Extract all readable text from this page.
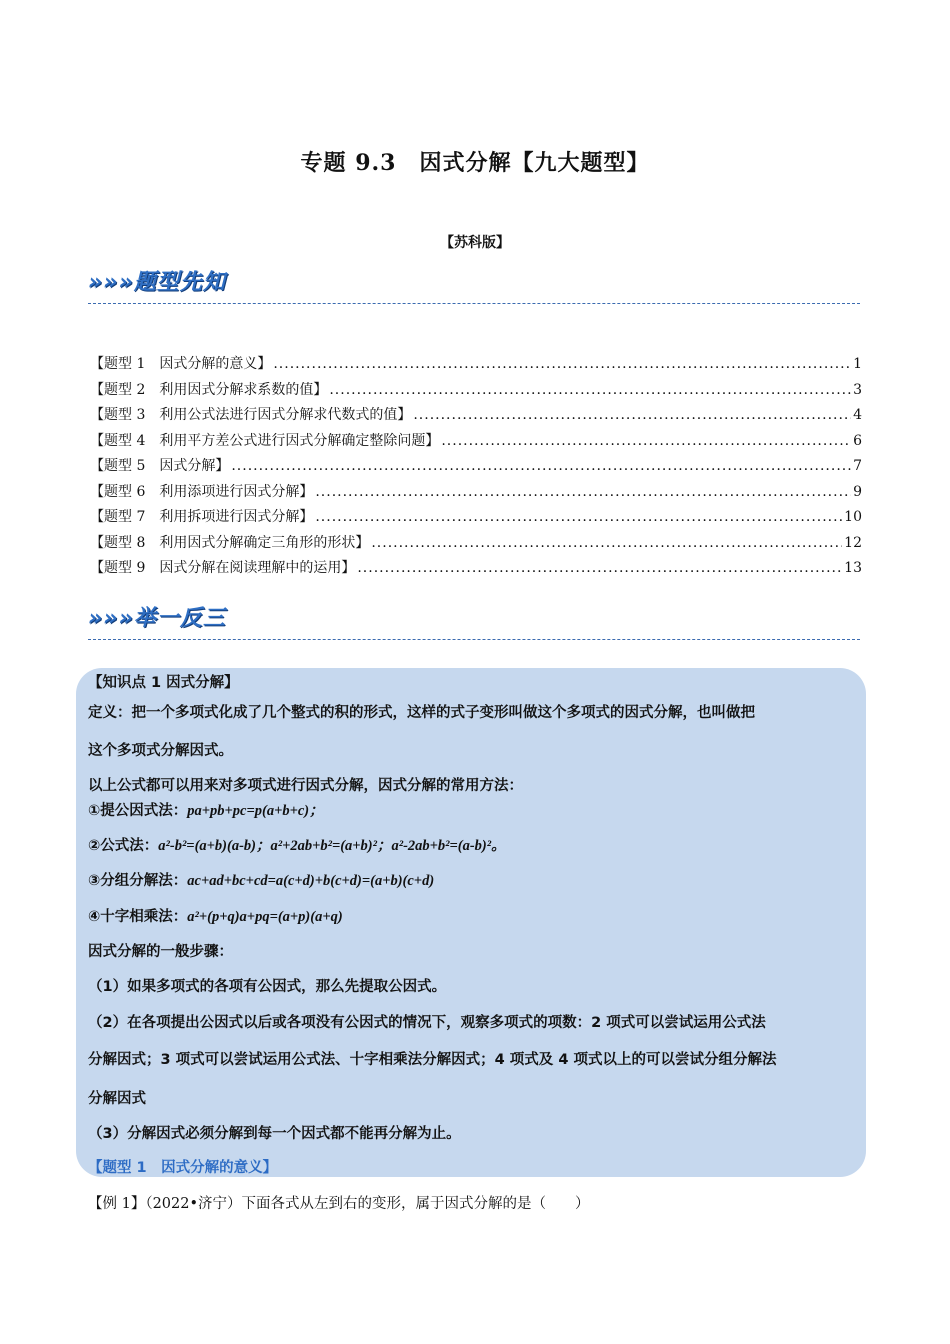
专题 9.3　因式分解【九大题型】
【苏科版】
»»»题型先知
【题型 1　因式分解的意义】 .....	1
【题型 2　利用因式分解求系数的值】 .....	3
【题型 3　利用公式法进行因式分解求代数式的值】 .....	4
【题型 4　利用平方差公式进行因式分解确定整除问题】 .....	6
【题型 5　因式分解】 .....	7
【题型 6　利用添项进行因式分解】 .....	9
【题型 7　利用拆项进行因式分解】 .....	10
【题型 8　利用因式分解确定三角形的形状】 .....	12
【题型 9　因式分解在阅读理解中的运用】 .....	13
»»»举一反三
【知识点 1 因式分解】
定义：把一个多项式化成了几个整式的积的形式，这样的式子变形叫做这个多项式的因式分解，也叫做把
这个多项式分解因式。
以上公式都可以用来对多项式进行因式分解，因式分解的常用方法：
①提公因式法：pa+pb+pc=p(a+b+c)；
②公式法：a²-b²=(a+b)(a-b)；a²+2ab+b²=(a+b)²；a²-2ab+b²=(a-b)²。
③分组分解法：ac+ad+bc+cd=a(c+d)+b(c+d)=(a+b)(c+d)
④十字相乘法：a²+(p+q)a+pq=(a+p)(a+q)
因式分解的一般步骤：
（1）如果多项式的各项有公因式，那么先提取公因式。
（2）在各项提出公因式以后或各项没有公因式的情况下，观察多项式的项数：2 项式可以尝试运用公式法
分解因式；3 项式可以尝试运用公式法、十字相乘法分解因式；4 项式及 4 项式以上的可以尝试分组分解法
分解因式
（3）分解因式必须分解到每一个因式都不能再分解为止。
【题型 1　因式分解的意义】
【例 1】（2022•济宁）下面各式从左到右的变形，属于因式分解的是（　　）
